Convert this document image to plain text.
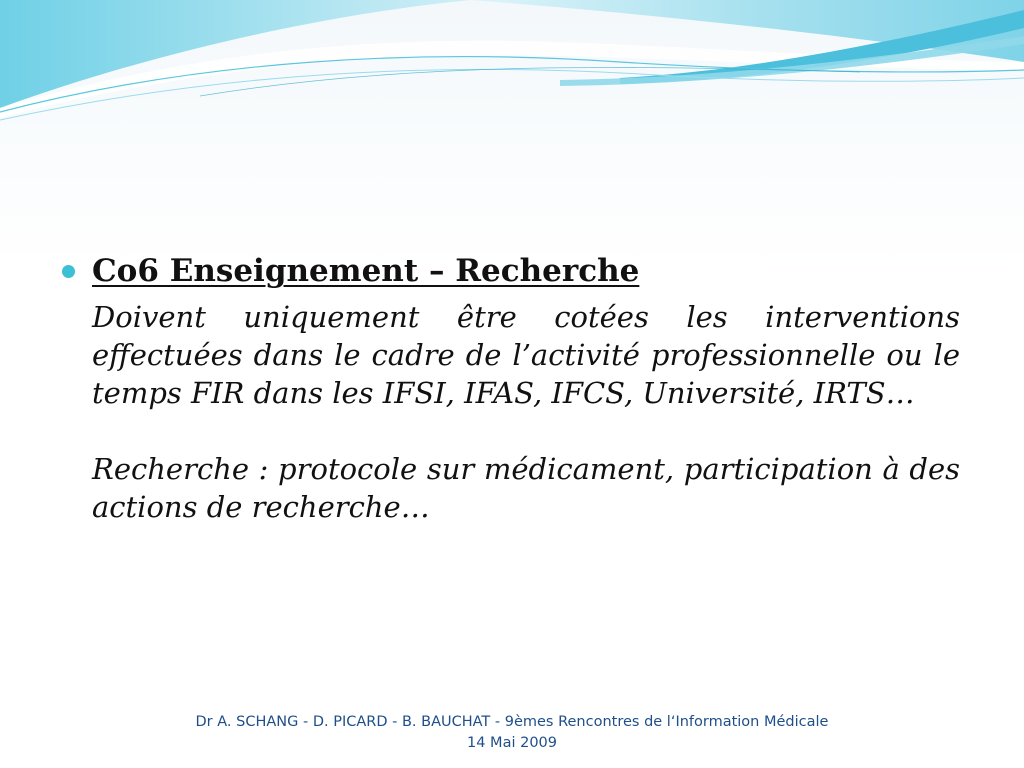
Co6 Enseignement – Recherche

Doivent uniquement être cotées les interventions effectuées dans le cadre de l’activité professionnelle ou le temps FIR dans les IFSI, IFAS, IFCS, Université, IRTS…

Recherche : protocole sur médicament, participation à des actions de recherche…

Dr A. SCHANG - D. PICARD - B. BAUCHAT - 9èmes Rencontres de l‘Information Médicale
14 Mai 2009
